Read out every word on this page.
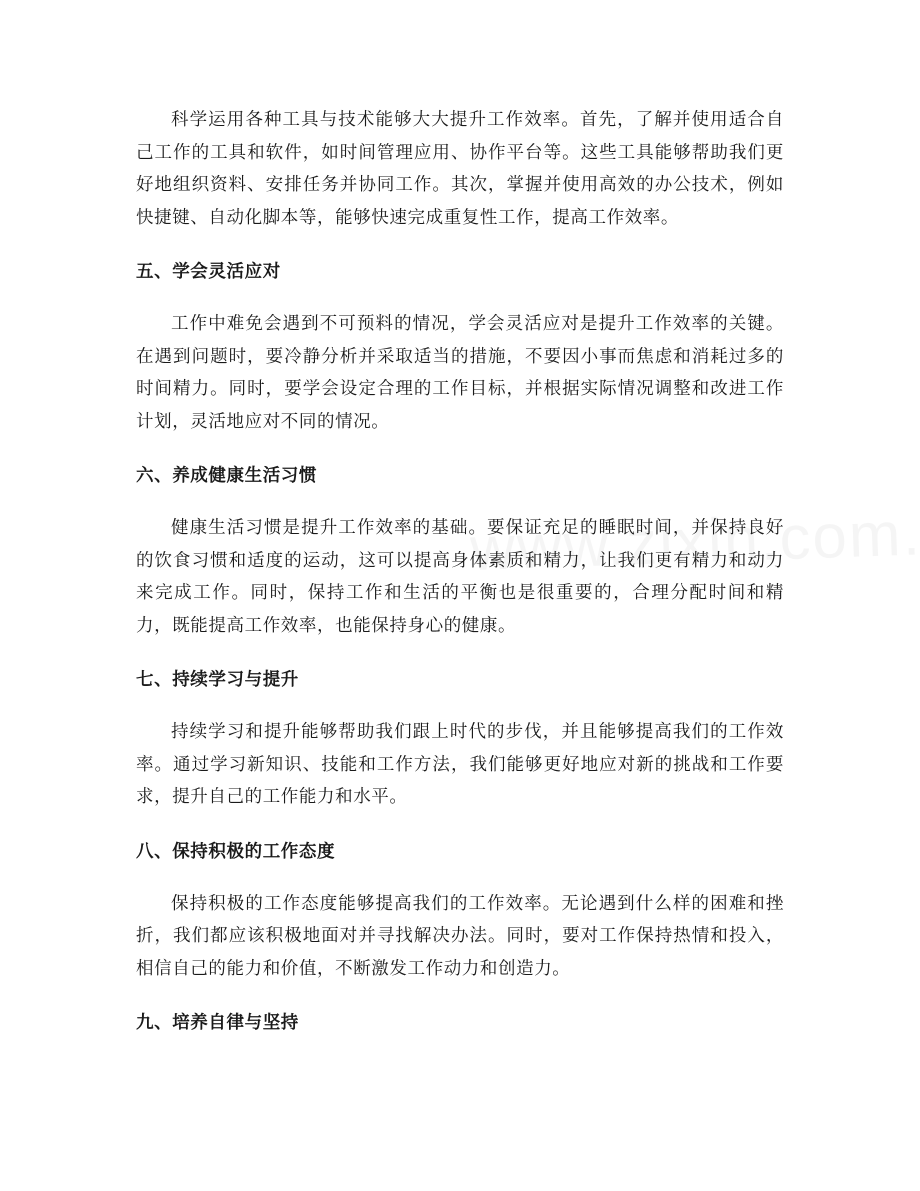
科学运用各种工具与技术能够大大提升工作效率。首先，了解并使用适合自己工作的工具和软件，如时间管理应用、协作平台等。这些工具能够帮助我们更好地组织资料、安排任务并协同工作。其次，掌握并使用高效的办公技术，例如快捷键、自动化脚本等，能够快速完成重复性工作，提高工作效率。

五、学会灵活应对

工作中难免会遇到不可预料的情况，学会灵活应对是提升工作效率的关键。在遇到问题时，要冷静分析并采取适当的措施，不要因小事而焦虑和消耗过多的时间精力。同时，要学会设定合理的工作目标，并根据实际情况调整和改进工作计划，灵活地应对不同的情况。

六、养成健康生活习惯

健康生活习惯是提升工作效率的基础。要保证充足的睡眠时间，并保持良好的饮食习惯和适度的运动，这可以提高身体素质和精力，让我们更有精力和动力来完成工作。同时，保持工作和生活的平衡也是很重要的，合理分配时间和精力，既能提高工作效率，也能保持身心的健康。

七、持续学习与提升

持续学习和提升能够帮助我们跟上时代的步伐，并且能够提高我们的工作效率。通过学习新知识、技能和工作方法，我们能够更好地应对新的挑战和工作要求，提升自己的工作能力和水平。

八、保持积极的工作态度

保持积极的工作态度能够提高我们的工作效率。无论遇到什么样的困难和挫折，我们都应该积极地面对并寻找解决办法。同时，要对工作保持热情和投入，相信自己的能力和价值，不断激发工作动力和创造力。

九、培养自律与坚持
